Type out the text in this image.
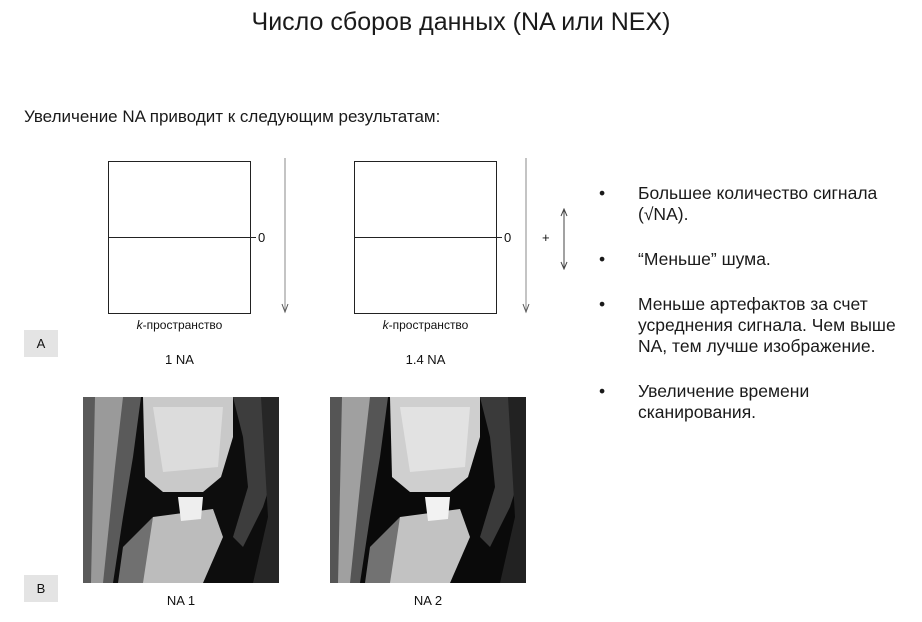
Число сборов данных (NA или NEX)
Увеличение NA приводит к следующим результатам:
0
k-пространство
1 NA
0 +
k-пространство
1.4 NA
A
NA 1	NA 2
B
• Большее количество сигнала (√NA).
• “Меньше” шума.
• Меньше артефактов за счет усреднения сигнала. Чем выше NA, тем лучше изображение.
• Увеличение времени сканирования.
